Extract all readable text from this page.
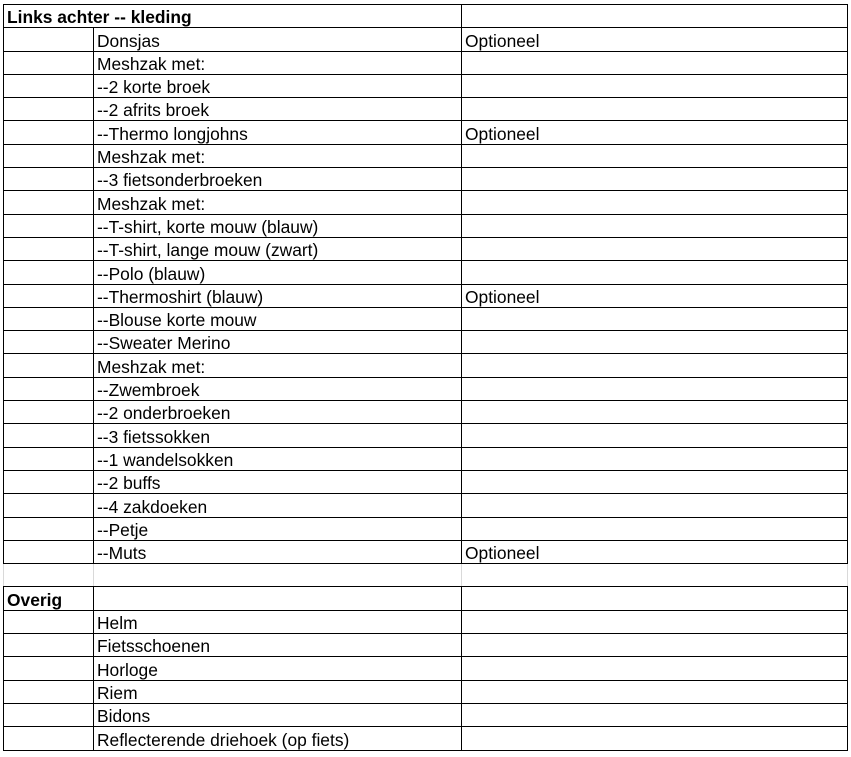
Links achter -- kleding		
	Donsjas	Optioneel
	Meshzak met:	
	--2 korte broek	
	--2 afrits broek	
	--Thermo longjohns	Optioneel
	Meshzak met:	
	--3 fietsonderbroeken	
	Meshzak met:	
	--T-shirt, korte mouw (blauw)	
	--T-shirt, lange mouw (zwart)	
	--Polo (blauw)	
	--Thermoshirt (blauw)	Optioneel
	--Blouse korte mouw	
	--Sweater Merino	
	Meshzak met:	
	--Zwembroek	
	--2 onderbroeken	
	--3 fietssokken	
	--1 wandelsokken	
	--2 buffs	
	--4 zakdoeken	
	--Petje	
	--Muts	Optioneel

Overig		
	Helm	
	Fietsschoenen	
	Horloge	
	Riem	
	Bidons	
	Reflecterende driehoek (op fiets)	
